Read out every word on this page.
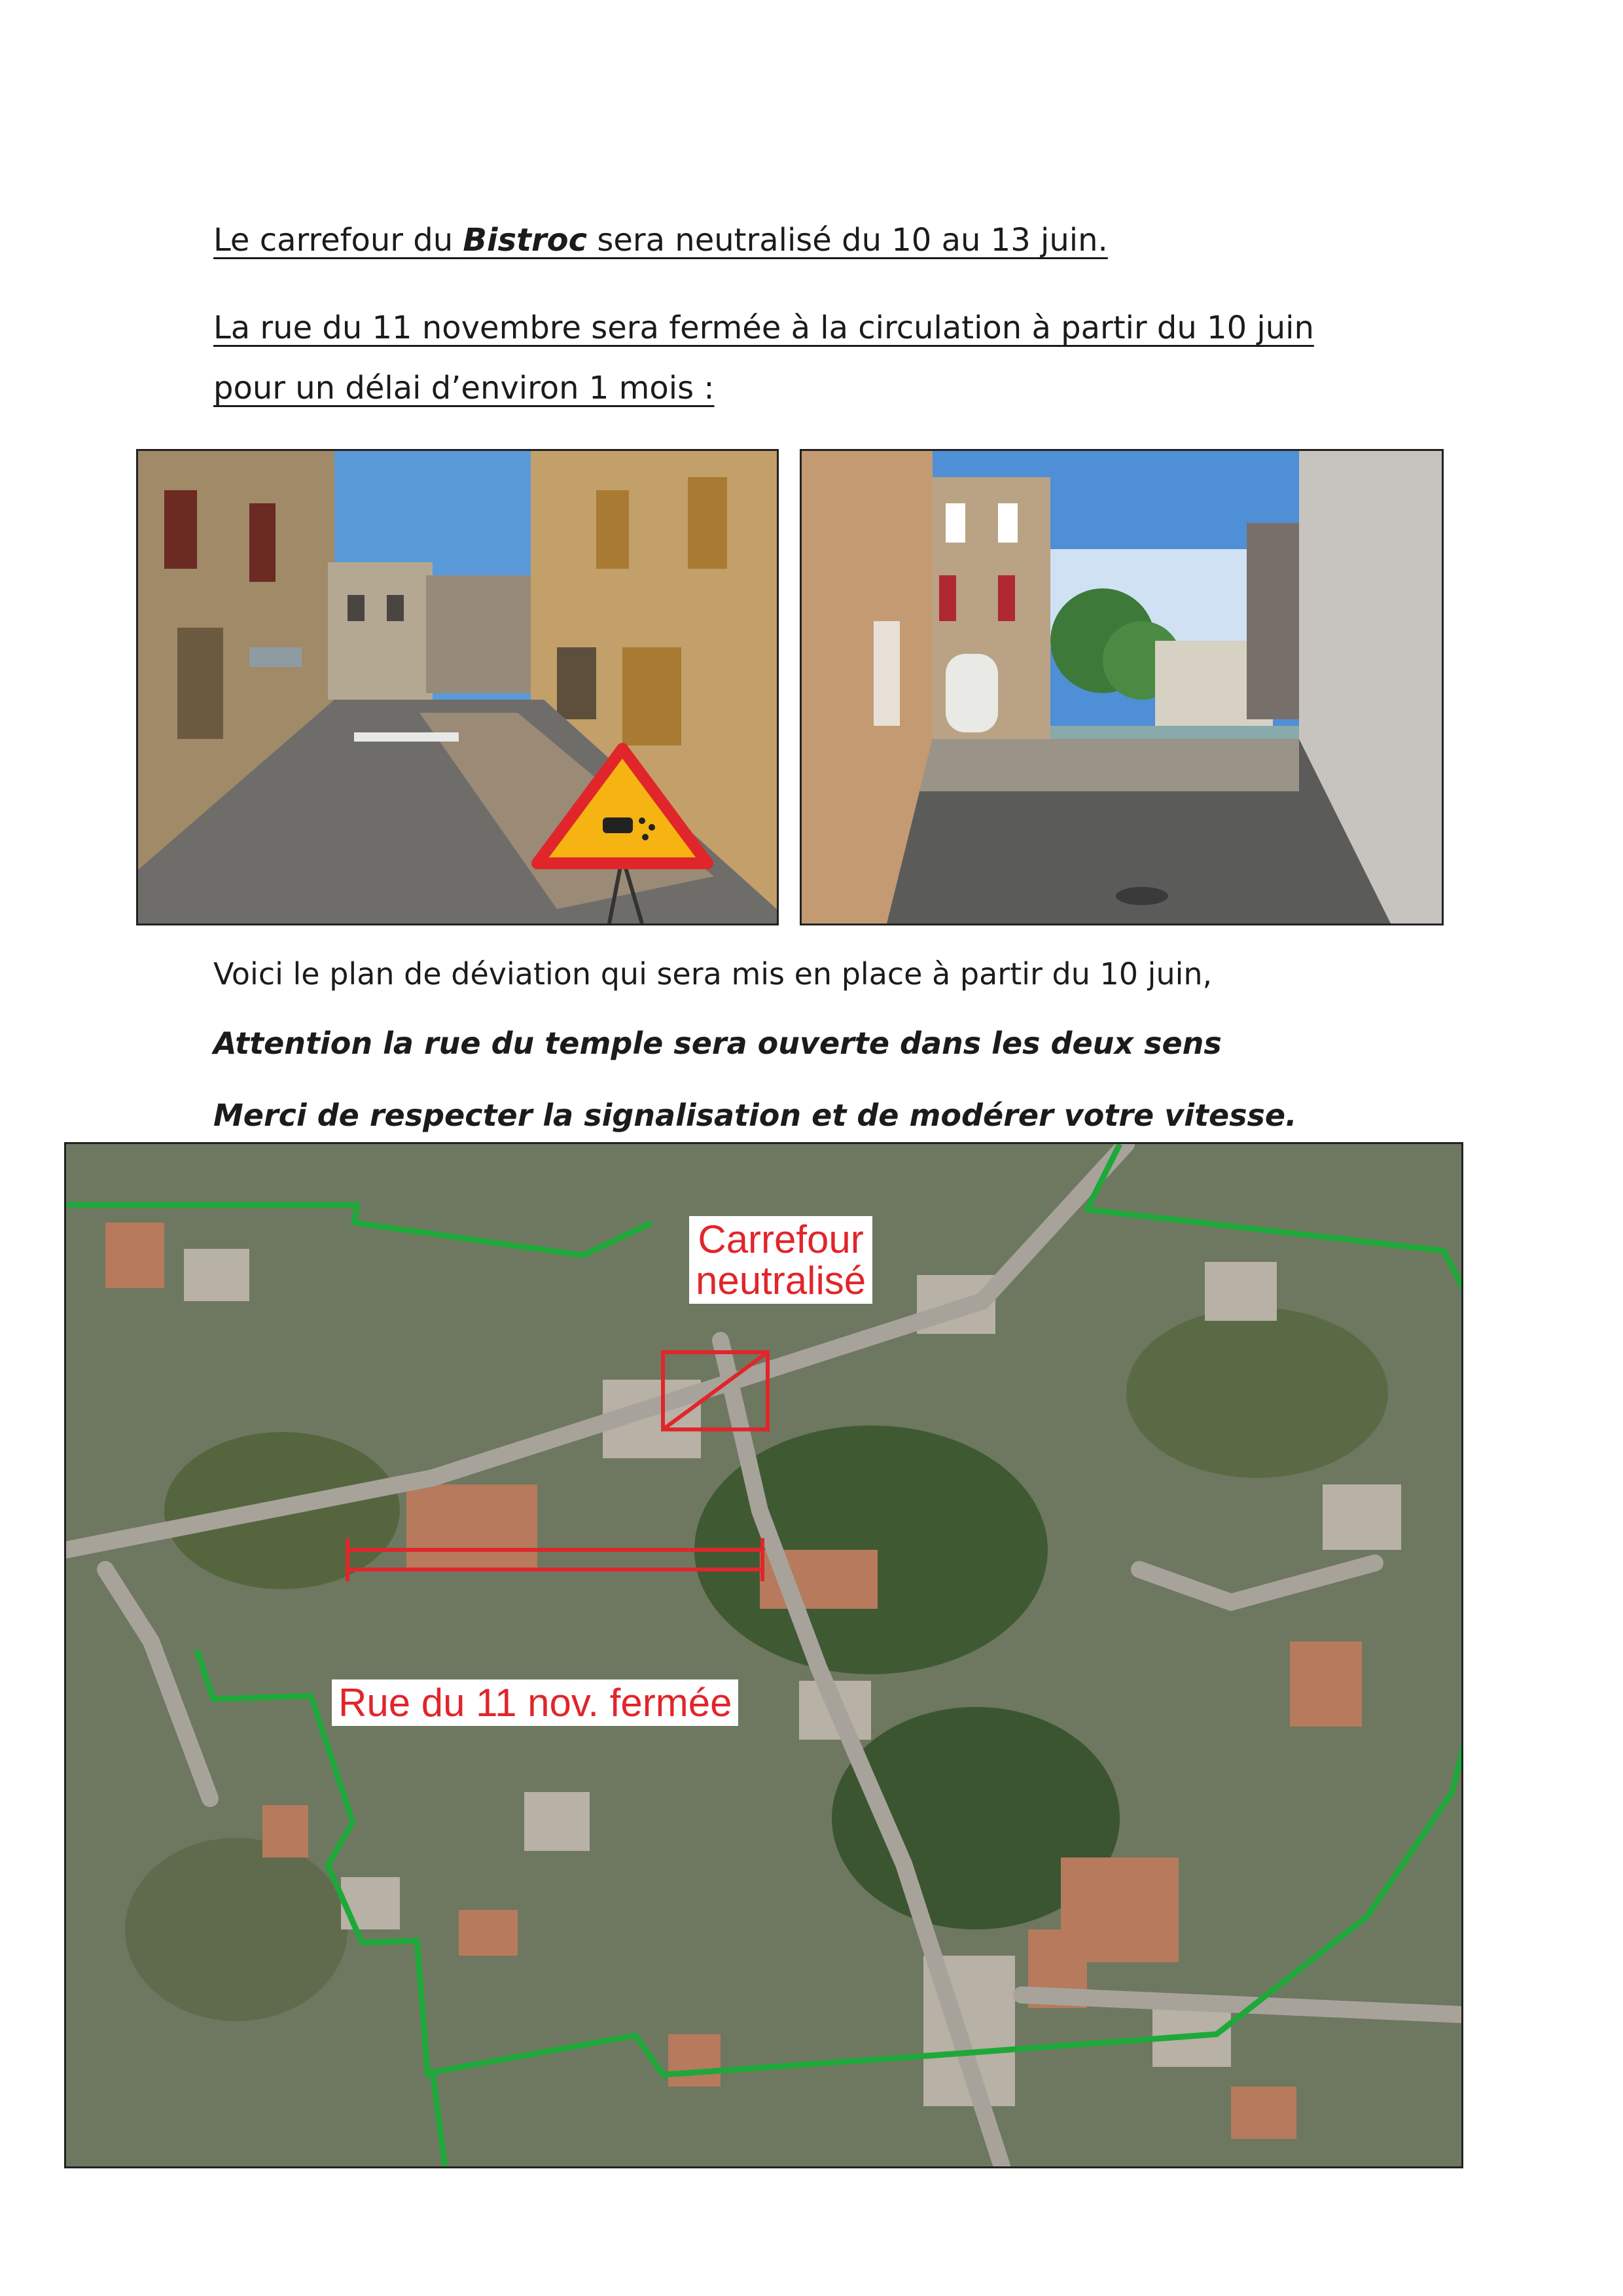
Le carrefour du Bistroc sera neutralisé du 10 au 13 juin.
La rue du 11 novembre sera fermée à la circulation à partir du 10 juin
pour un délai d’environ 1 mois :
Voici le plan de déviation qui sera mis en place à partir du 10 juin,
Attention la rue du temple sera ouverte dans les deux sens
Merci de respecter la signalisation et de modérer votre vitesse.
Carrefour
neutralisé
Rue du 11 nov. fermée
